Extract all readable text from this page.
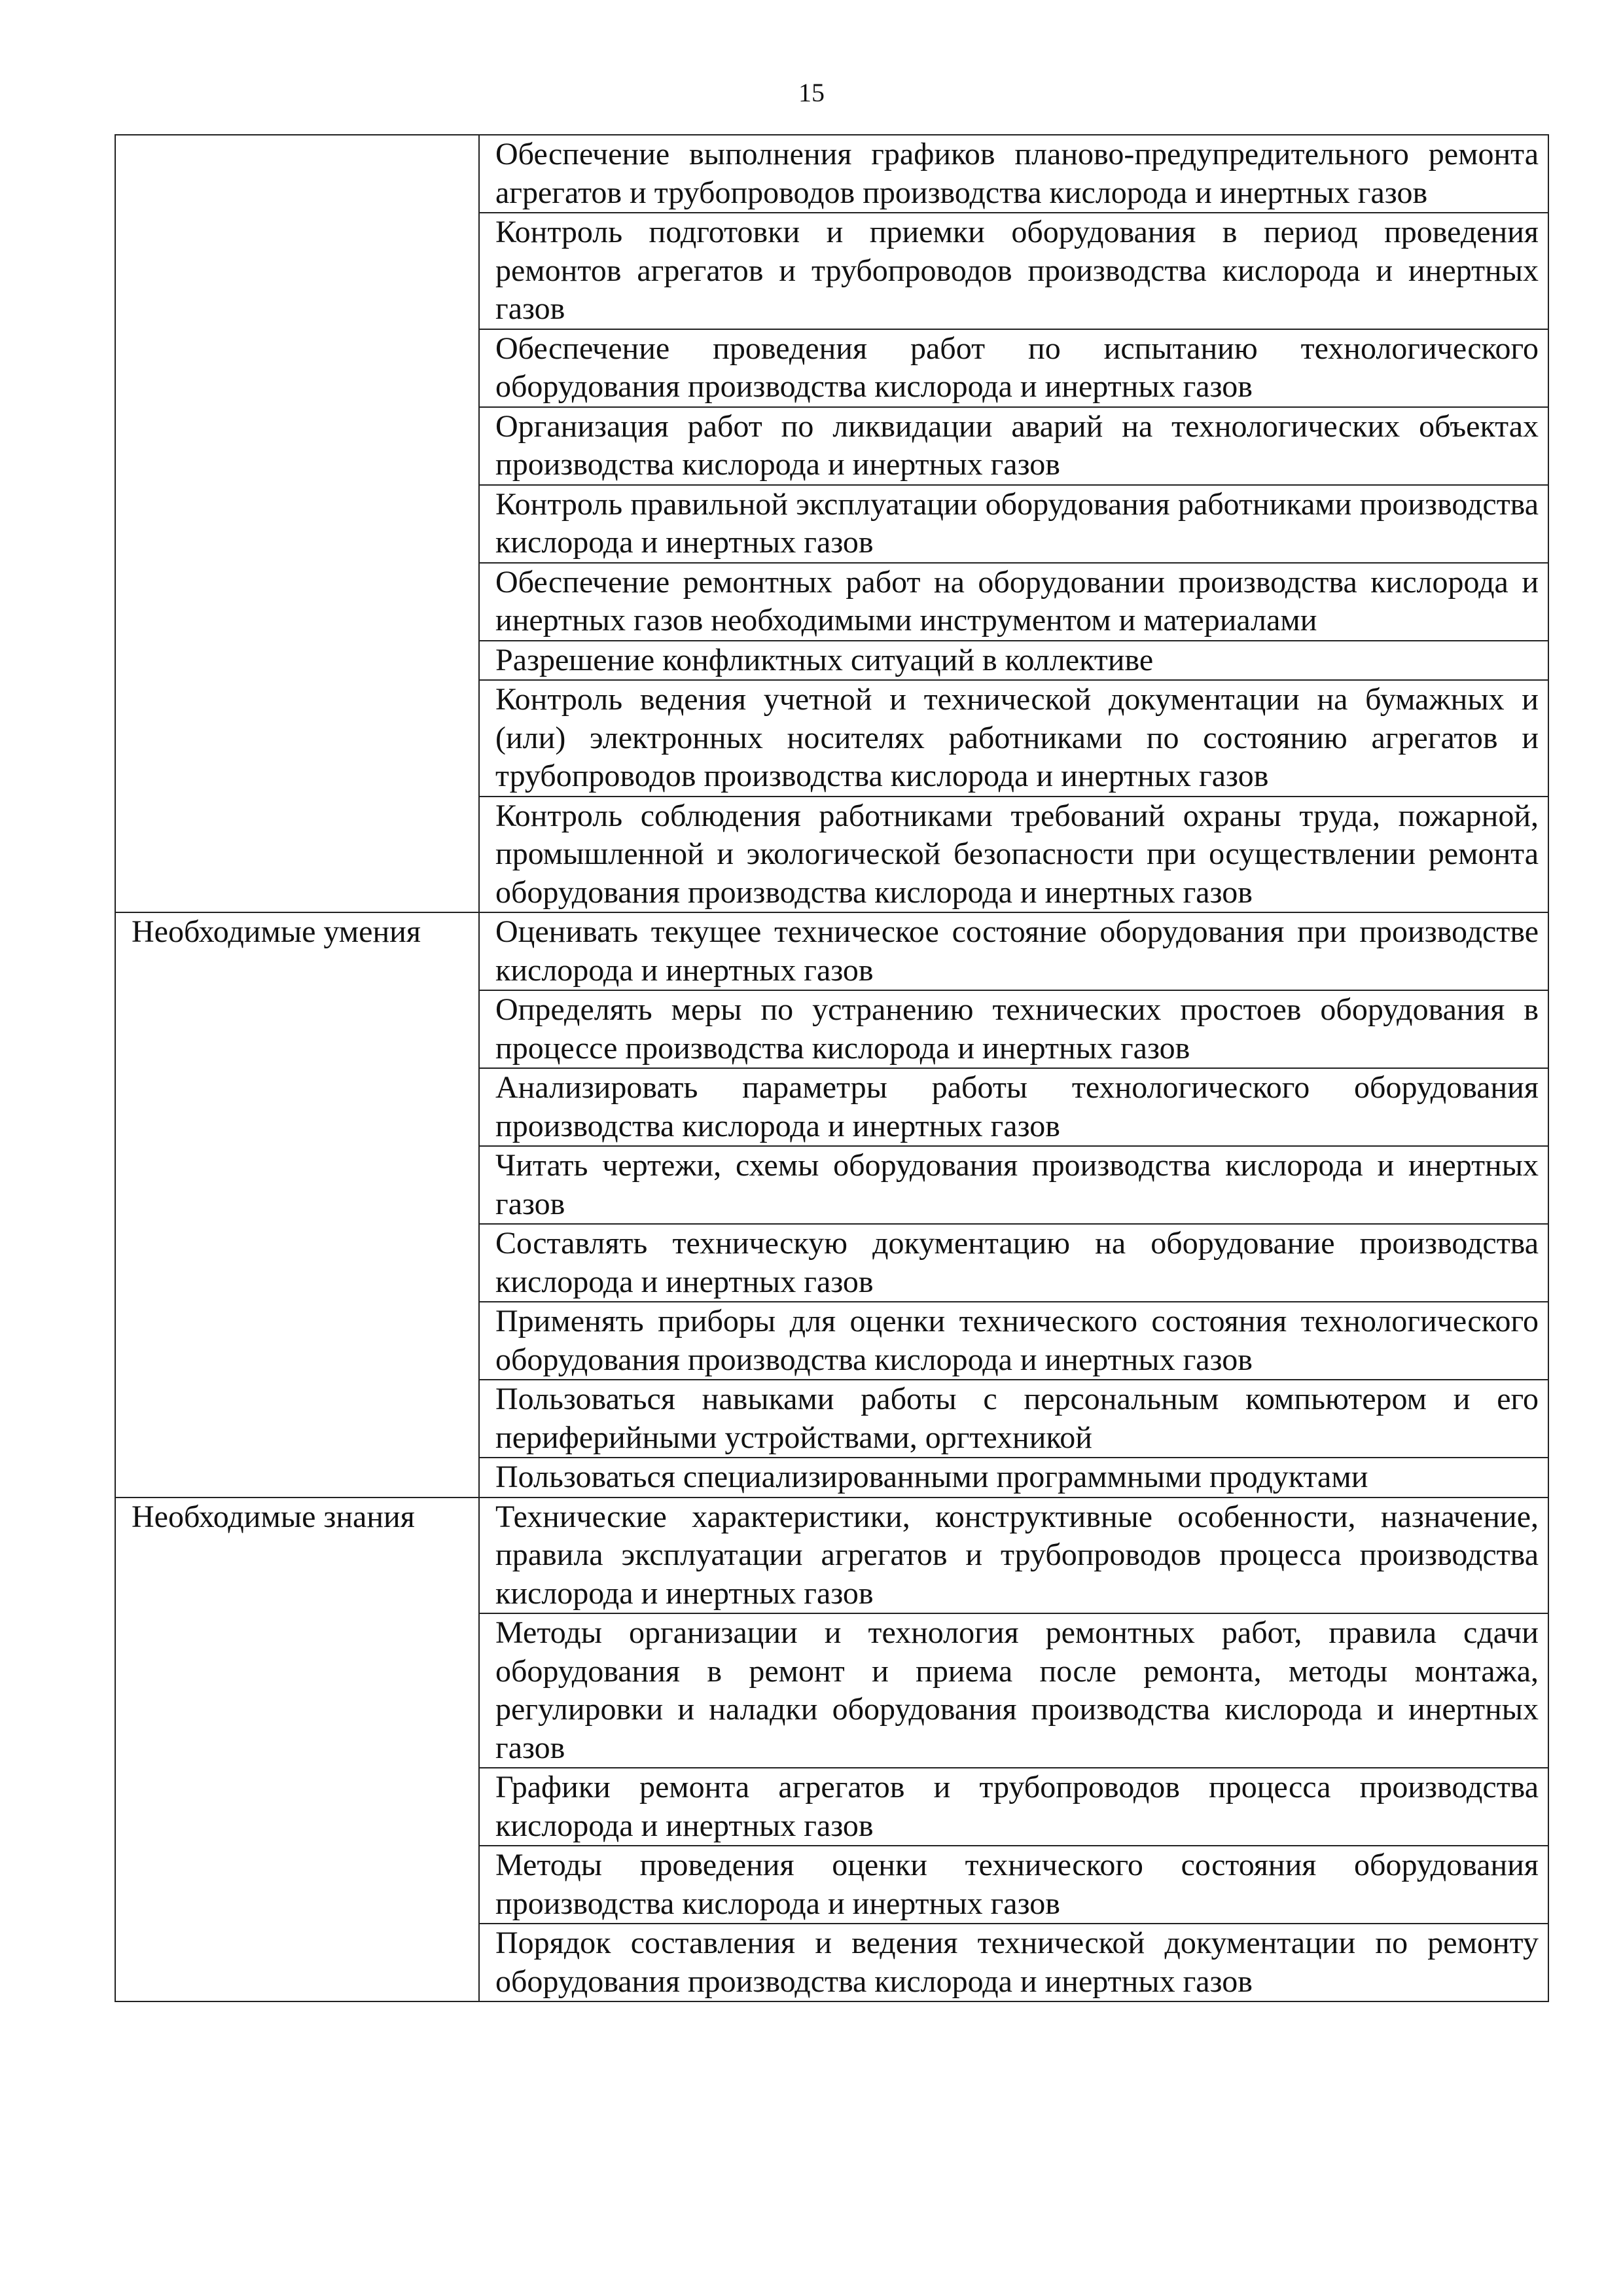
15
	Обеспечение выполнения графиков планово-предупредительного ремонта агрегатов и трубопроводов производства кислорода и инертных газов
	Контроль подготовки и приемки оборудования в период проведения ремонтов агрегатов и трубопроводов производства кислорода и инертных газов
	Обеспечение проведения работ по испытанию технологического оборудования производства кислорода и инертных газов
	Организация работ по ликвидации аварий на технологических объектах производства кислорода и инертных газов
	Контроль правильной эксплуатации оборудования работниками производства кислорода и инертных газов
	Обеспечение ремонтных работ на оборудовании производства кислорода и инертных газов необходимыми инструментом и материалами
	Разрешение конфликтных ситуаций в коллективе
	Контроль ведения учетной и технической документации на бумажных и (или) электронных носителях работниками по состоянию агрегатов и трубопроводов производства кислорода и инертных газов
	Контроль соблюдения работниками требований охраны труда, пожарной, промышленной и экологической безопасности при осуществлении ремонта оборудования производства кислорода и инертных газов
Необходимые умения	Оценивать текущее техническое состояние оборудования при производстве кислорода и инертных газов
	Определять меры по устранению технических простоев оборудования в процессе производства кислорода и инертных газов
	Анализировать параметры работы технологического оборудования производства кислорода и инертных газов
	Читать чертежи, схемы оборудования производства кислорода и инертных газов
	Составлять техническую документацию на оборудование производства кислорода и инертных газов
	Применять приборы для оценки технического состояния технологического оборудования производства кислорода и инертных газов
	Пользоваться навыками работы с персональным компьютером и его периферийными устройствами, оргтехникой
	Пользоваться специализированными программными продуктами
Необходимые знания	Технические характеристики, конструктивные особенности, назначение, правила эксплуатации агрегатов и трубопроводов процесса производства кислорода и инертных газов
	Методы организации и технология ремонтных работ, правила сдачи оборудования в ремонт и приема после ремонта, методы монтажа, регулировки и наладки оборудования производства кислорода и инертных газов
	Графики ремонта агрегатов и трубопроводов процесса производства кислорода и инертных газов
	Методы проведения оценки технического состояния оборудования производства кислорода и инертных газов
	Порядок составления и ведения технической документации по ремонту оборудования производства кислорода и инертных газов
